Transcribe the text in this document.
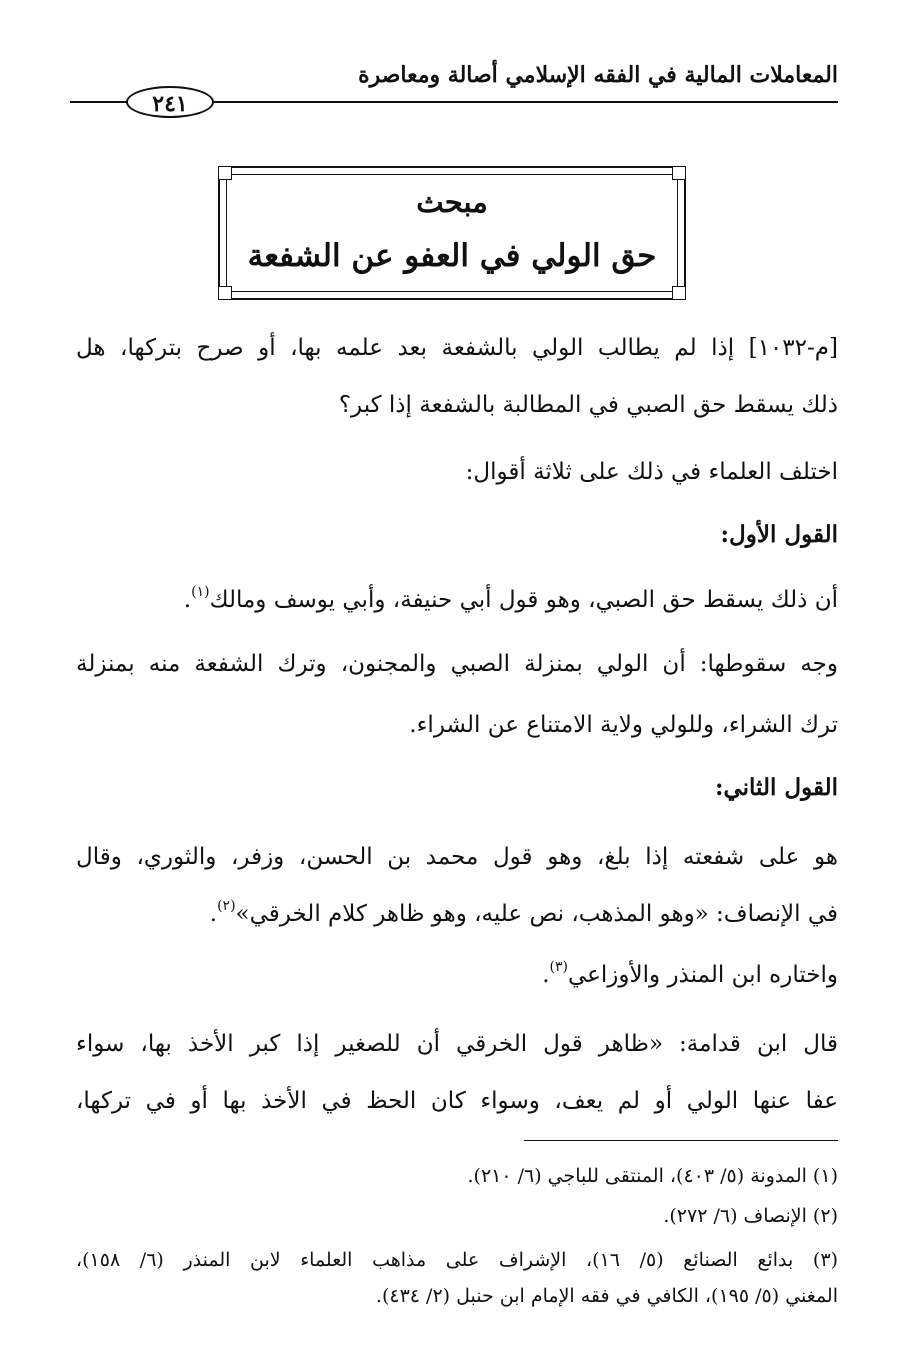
المعاملات المالية في الفقه الإسلامي أصالة ومعاصرة
٢٤١
مبحث
حق الولي في العفو عن الشفعة
[م-١٠٣٢] إذا لم يطالب الولي بالشفعة بعد علمه بها، أو صرح بتركها، هل
ذلك يسقط حق الصبي في المطالبة بالشفعة إذا كبر؟
اختلف العلماء في ذلك على ثلاثة أقوال:
القول الأول:
أن ذلك يسقط حق الصبي، وهو قول أبي حنيفة، وأبي يوسف ومالك$^{(١)}$.
وجه سقوطها: أن الولي بمنزلة الصبي والمجنون، وترك الشفعة منه بمنزلة
ترك الشراء، وللولي ولاية الامتناع عن الشراء.
القول الثاني:
هو على شفعته إذا بلغ، وهو قول محمد بن الحسن، وزفر، والثوري، وقال
في الإنصاف: «وهو المذهب، نص عليه، وهو ظاهر كلام الخرقي»$^{(٢)}$.
واختاره ابن المنذر والأوزاعي$^{(٣)}$.
قال ابن قدامة: «ظاهر قول الخرقي أن للصغير إذا كبر الأخذ بها، سواء
عفا عنها الولي أو لم يعف، وسواء كان الحظ في الأخذ بها أو في تركها،
(١) المدونة (٥/ ٤٠٣)، المنتقى للباجي (٦/ ٢١٠).
(٢) الإنصاف (٦/ ٢٧٢).
(٣) بدائع الصنائع (٥/ ١٦)، الإشراف على مذاهب العلماء لابن المنذر (٦/ ١٥٨)،
المغني (٥/ ١٩٥)، الكافي في فقه الإمام ابن حنبل (٢/ ٤٣٤).
